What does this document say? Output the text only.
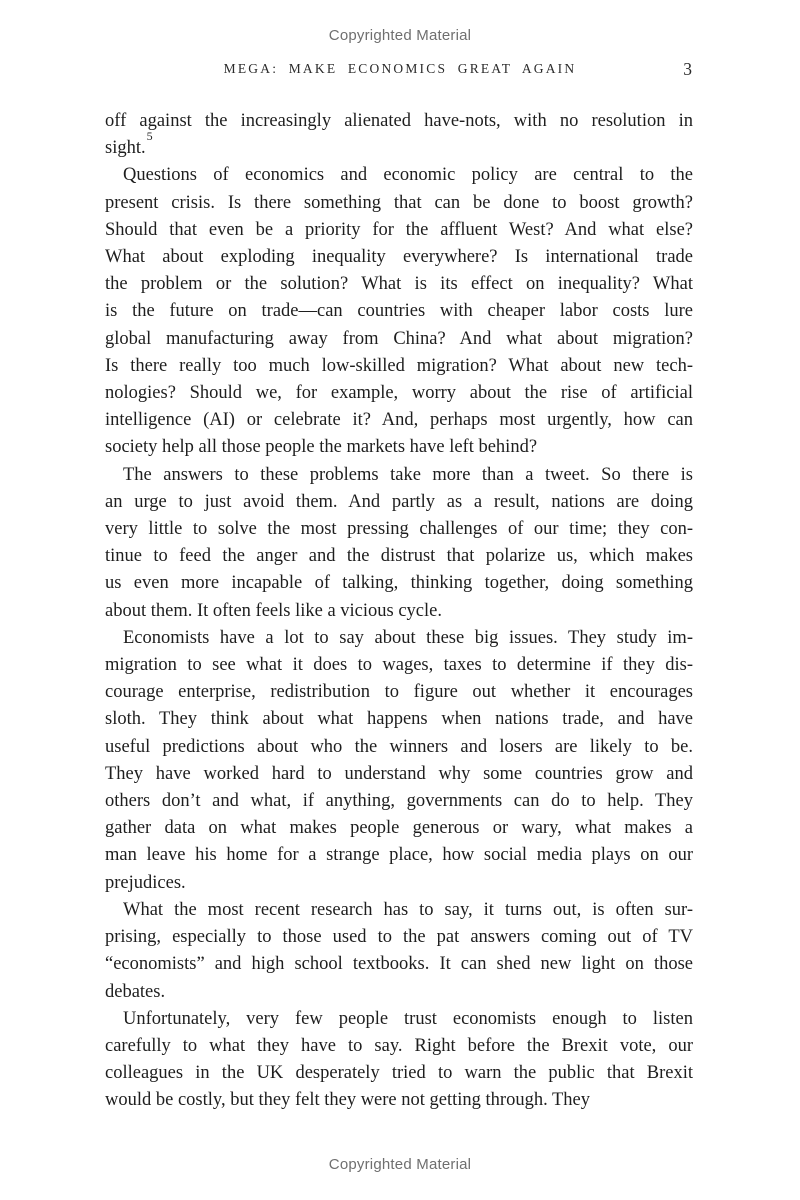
Copyrighted Material
MEGA: MAKE ECONOMICS GREAT AGAIN	3
off against the increasingly alienated have-nots, with no resolution in
sight.$^5$
Questions of economics and economic policy are central to the
present crisis. Is there something that can be done to boost growth?
Should that even be a priority for the affluent West? And what else?
What about exploding inequality everywhere? Is international trade
the problem or the solution? What is its effect on inequality? What
is the future on trade—can countries with cheaper labor costs lure
global manufacturing away from China? And what about migration?
Is there really too much low-skilled migration? What about new tech-
nologies? Should we, for example, worry about the rise of artificial
intelligence (AI) or celebrate it? And, perhaps most urgently, how can
society help all those people the markets have left behind?
The answers to these problems take more than a tweet. So there is
an urge to just avoid them. And partly as a result, nations are doing
very little to solve the most pressing challenges of our time; they con-
tinue to feed the anger and the distrust that polarize us, which makes
us even more incapable of talking, thinking together, doing something
about them. It often feels like a vicious cycle.
Economists have a lot to say about these big issues. They study im-
migration to see what it does to wages, taxes to determine if they dis-
courage enterprise, redistribution to figure out whether it encourages
sloth. They think about what happens when nations trade, and have
useful predictions about who the winners and losers are likely to be.
They have worked hard to understand why some countries grow and
others don’t and what, if anything, governments can do to help. They
gather data on what makes people generous or wary, what makes a
man leave his home for a strange place, how social media plays on our
prejudices.
What the most recent research has to say, it turns out, is often sur-
prising, especially to those used to the pat answers coming out of TV
“economists” and high school textbooks. It can shed new light on those
debates.
Unfortunately, very few people trust economists enough to listen
carefully to what they have to say. Right before the Brexit vote, our
colleagues in the UK desperately tried to warn the public that Brexit
would be costly, but they felt they were not getting through. They
Copyrighted Material
